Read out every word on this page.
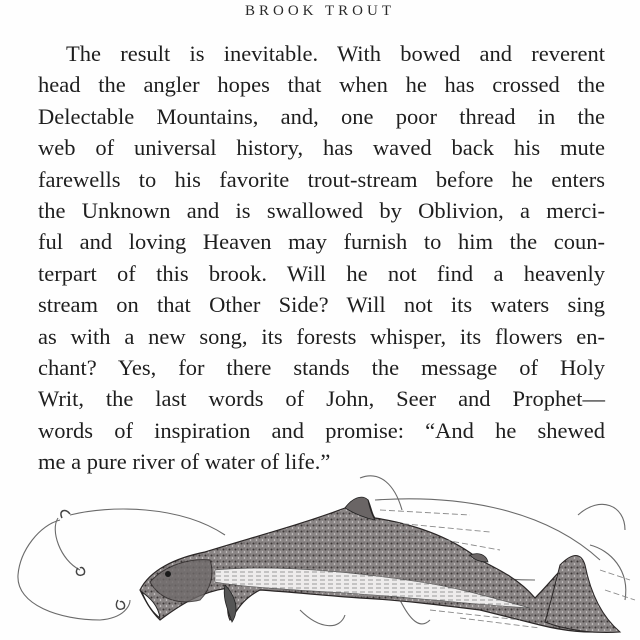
BROOK TROUT
The result is inevitable. With bowed and reverent
head the angler hopes that when he has crossed the
Delectable Mountains, and, one poor thread in the
web of universal history, has waved back his mute
farewells to his favorite trout-stream before he enters
the Unknown and is swallowed by Oblivion, a merci-
ful and loving Heaven may furnish to him the coun-
terpart of this brook. Will he not find a heavenly
stream on that Other Side? Will not its waters sing
as with a new song, its forests whisper, its flowers en-
chant? Yes, for there stands the message of Holy
Writ, the last words of John, Seer and Prophet—
words of inspiration and promise: “And he shewed
me a pure river of water of life.”
